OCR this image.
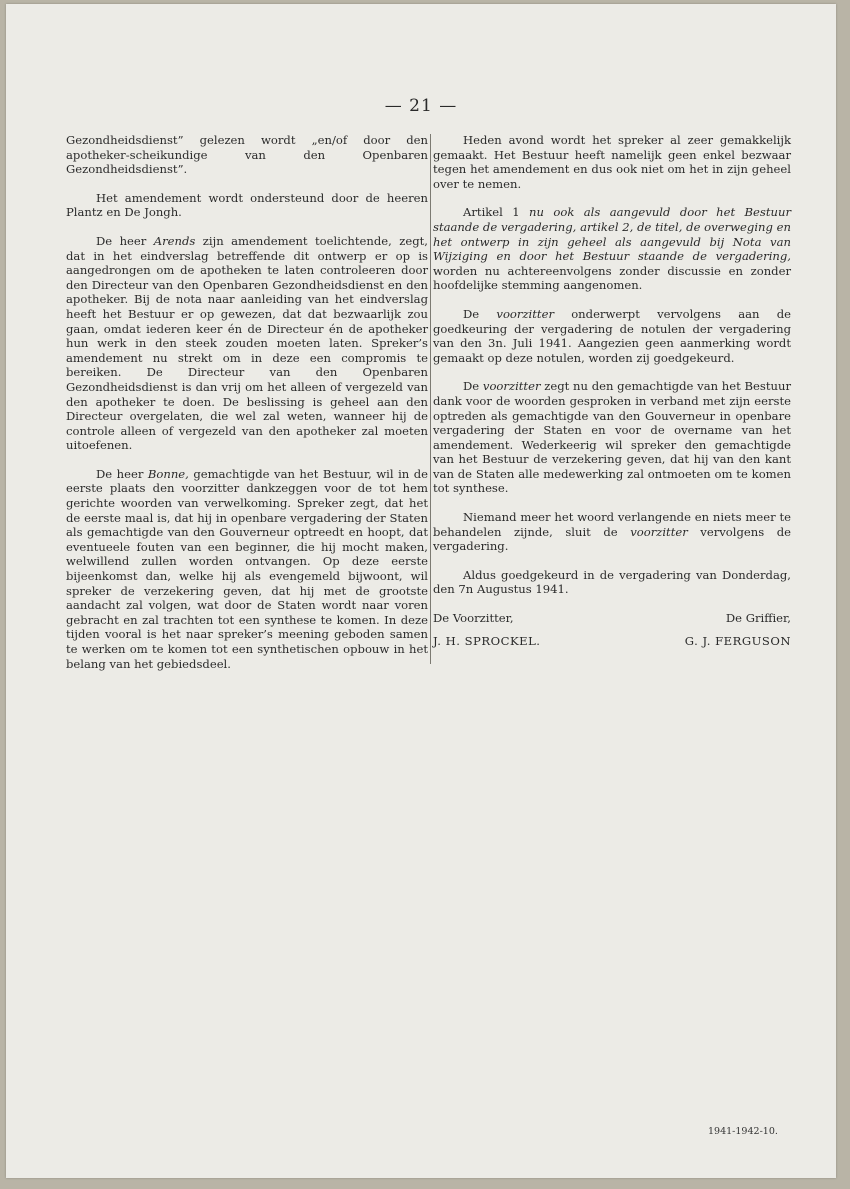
— 21 —

Gezondheidsdienst” gelezen wordt „en/of door den apotheker-scheikundige van den Openbaren Gezondheidsdienst”.

Het amendement wordt ondersteund door de heeren Plantz en De Jongh.

De heer Arends zijn amendement toelichtende, zegt, dat in het eindverslag betreffende dit ontwerp er op is aangedrongen om de apotheken te laten controleeren door den Directeur van den Openbaren Gezondheidsdienst en den apotheker. Bij de nota naar aanleiding van het eindverslag heeft het Bestuur er op gewezen, dat dat bezwaarlijk zou gaan, omdat iederen keer én de Directeur én de apotheker hun werk in den steek zouden moeten laten. Spreker’s amendement nu strekt om in deze een compromis te bereiken. De Directeur van den Openbaren Gezondheidsdienst is dan vrij om het alleen of vergezeld van den apotheker te doen. De beslissing is geheel aan den Directeur overgelaten, die wel zal weten, wanneer hij de controle alleen of vergezeld van den apotheker zal moeten uitoefenen.

De heer Bonne, gemachtigde van het Bestuur, wil in de eerste plaats den voorzitter dankzeggen voor de tot hem gerichte woorden van verwelkoming. Spreker zegt, dat het de eerste maal is, dat hij in openbare vergadering der Staten als gemachtigde van den Gouverneur optreedt en hoopt, dat eventueele fouten van een beginner, die hij mocht maken, welwillend zullen worden ontvangen. Op deze eerste bijeenkomst dan, welke hij als evengemeld bijwoont, wil spreker de verzekering geven, dat hij met de grootste aandacht zal volgen, wat door de Staten wordt naar voren gebracht en zal trachten tot een synthese te komen. In deze tijden vooral is het naar spreker’s meening geboden samen te werken om te komen tot een synthetischen opbouw in het belang van het gebiedsdeel.

Heden avond wordt het spreker al zeer gemakkelijk gemaakt. Het Bestuur heeft namelijk geen enkel bezwaar tegen het amendement en dus ook niet om het in zijn geheel over te nemen.

Artikel 1 nu ook als aangevuld door het Bestuur staande de vergadering, artikel 2, de titel, de overweging en het ontwerp in zijn geheel als aangevuld bij Nota van Wijziging en door het Bestuur staande de vergadering, worden nu achtereenvolgens zonder discussie en zonder hoofdelijke stemming aangenomen.

De voorzitter onderwerpt vervolgens aan de goedkeuring der vergadering de notulen der vergadering van den 3n. Juli 1941. Aangezien geen aanmerking wordt gemaakt op deze notulen, worden zij goedgekeurd.

De voorzitter zegt nu den gemachtigde van het Bestuur dank voor de woorden gesproken in verband met zijn eerste optreden als gemachtigde van den Gouverneur in openbare vergadering der Staten en voor de overname van het amendement. Wederkeerig wil spreker den gemachtigde van het Bestuur de verzekering geven, dat hij van den kant van de Staten alle medewerking zal ontmoeten om te komen tot synthese.

Niemand meer het woord verlangende en niets meer te behandelen zijnde, sluit de voorzitter vervolgens de vergadering.

Aldus goedgekeurd in de vergadering van Donderdag, den 7n Augustus 1941.

De Voorzitter,	De Griffier,
J. H. SPROCKEL.	G. J. FERGUSON
1941-1942-10.
